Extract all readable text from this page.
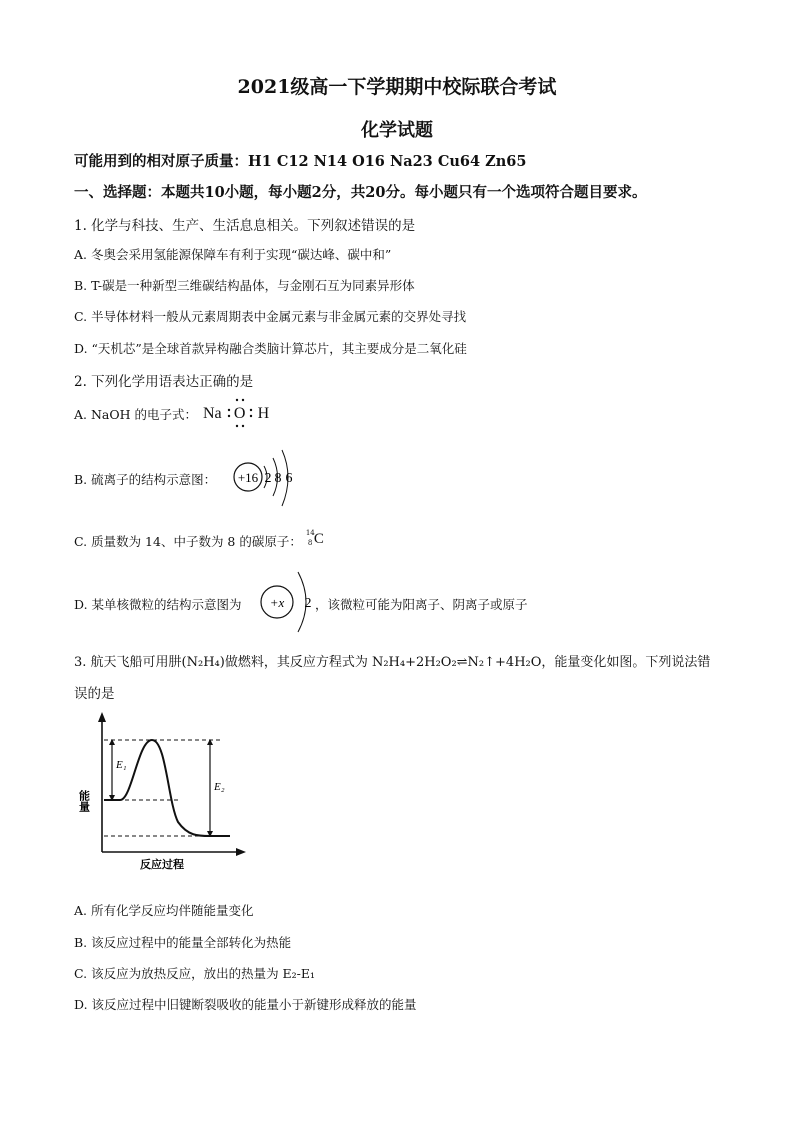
2021级高一下学期期中校际联合考试
化学试题
可能用到的相对原子质量：H1 C12 N14 O16 Na23 Cu64 Zn65
一、选择题：本题共10小题，每小题2分，共20分。每小题只有一个选项符合题目要求。
1. 化学与科技、生产、生活息息相关。下列叙述错误的是
A. 冬奥会采用氢能源保障车有利于实现“碳达峰、碳中和”
B. T-碳是一种新型三维碳结构晶体，与金刚石互为同素异形体
C. 半导体材料一般从元素周期表中金属元素与非金属元素的交界处寻找
D. “天机芯”是全球首款异构融合类脑计算芯片，其主要成分是二氧化硅
2. 下列化学用语表达正确的是
A. NaOH 的电子式： Na O H
B. 硫离子的结构示意图： +16 2 8 6
C. 质量数为 14、中子数为 8 的碳原子：
14
8 C
D. 某单核微粒的结构示意图为 +x 2 ，该微粒可能为阳离子、阴离子或原子
3. 航天飞船可用肼(N₂H₄)做燃料，其反应方程式为 N₂H₄+2H₂O₂⇌N₂↑+4H₂O，能量变化如图。下列说法错
误的是
E₁
E₂
能量
反应过程
A. 所有化学反应均伴随能量变化
B. 该反应过程中的能量全部转化为热能
C. 该反应为放热反应，放出的热量为 E₂-E₁
D. 该反应过程中旧键断裂吸收的能量小于新键形成释放的能量
